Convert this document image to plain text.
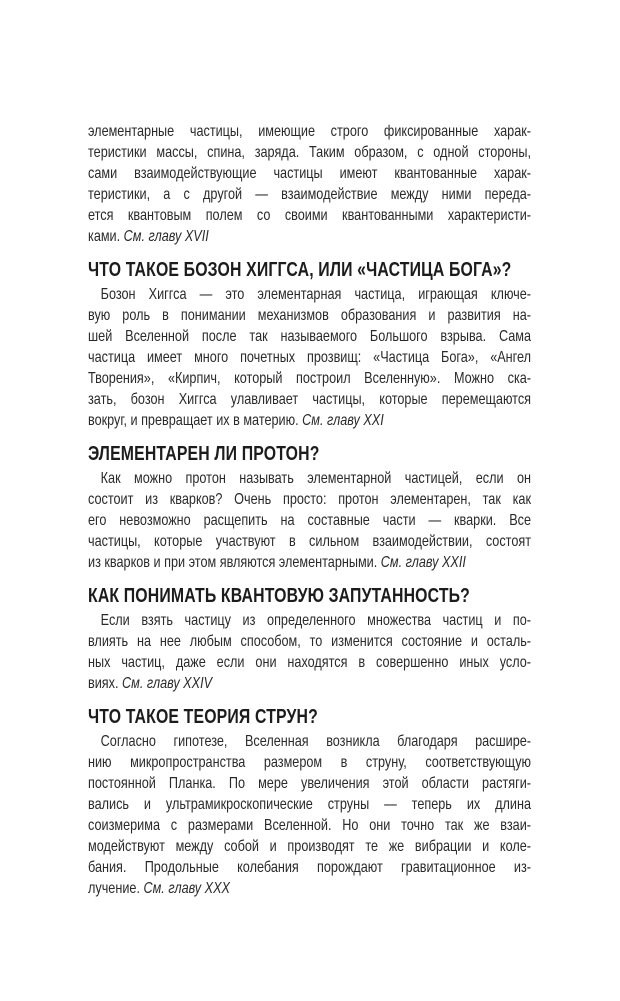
элементарные частицы, имеющие строго фиксированные харак-
теристики массы, спина, заряда. Таким образом, с одной стороны,
сами взаимодействующие частицы имеют квантованные харак-
теристики, а с другой — взаимодействие между ними переда-
ется квантовым полем со своими квантованными характеристи-
ками. См. главу XVII

ЧТО ТАКОЕ БОЗОН ХИГГСА, ИЛИ «ЧАСТИЦА БОГА»?

Бозон Хиггса — это элементарная частица, играющая ключе-
вую роль в понимании механизмов образования и развития на-
шей Вселенной после так называемого Большого взрыва. Сама
частица имеет много почетных прозвищ: «Частица Бога», «Ангел
Творения», «Кирпич, который построил Вселенную». Можно ска-
зать, бозон Хиггса улавливает частицы, которые перемещаются
вокруг, и превращает их в материю. См. главу XXI

ЭЛЕМЕНТАРЕН ЛИ ПРОТОН?

Как можно протон называть элементарной частицей, если он
состоит из кварков? Очень просто: протон элементарен, так как
его невозможно расщепить на составные части — кварки. Все
частицы, которые участвуют в сильном взаимодействии, состоят
из кварков и при этом являются элементарными. См. главу XXII

КАК ПОНИМАТЬ КВАНТОВУЮ ЗАПУТАННОСТЬ?

Если взять частицу из определенного множества частиц и по-
влиять на нее любым способом, то изменится состояние и осталь-
ных частиц, даже если они находятся в совершенно иных усло-
виях. См. главу XXIV

ЧТО ТАКОЕ ТЕОРИЯ СТРУН?

Согласно гипотезе, Вселенная возникла благодаря расшире-
нию микропространства размером в струну, соответствующую
постоянной Планка. По мере увеличения этой области растяги-
вались и ультрамикроскопические струны — теперь их длина
соизмерима с размерами Вселенной. Но они точно так же взаи-
модействуют между собой и производят те же вибрации и коле-
бания. Продольные колебания порождают гравитационное из-
лучение. См. главу XXX
